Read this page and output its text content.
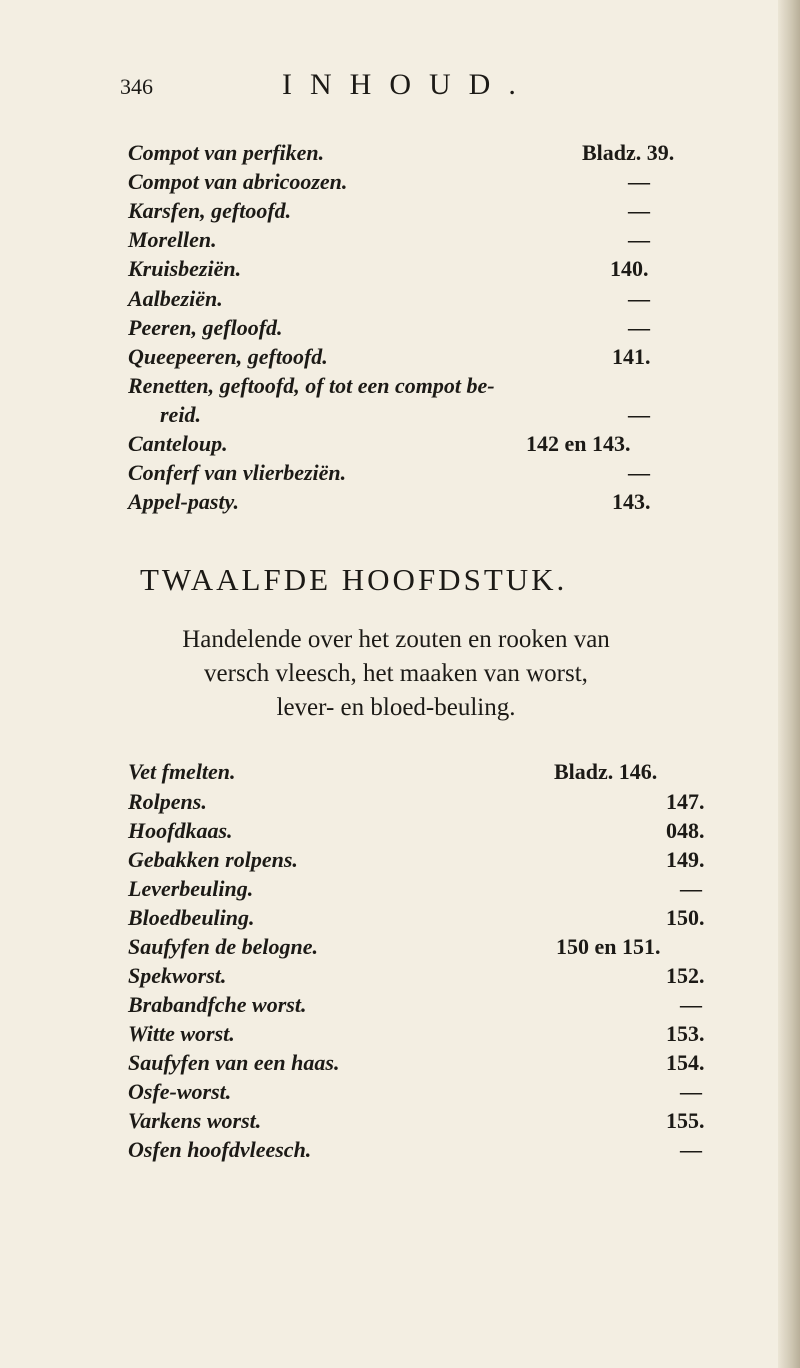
346	INHOUD.
Compot van perfiken.	Bladz. 39.
Compot van abricoozen.	—
Karsfen, geftoofd.	—
Morellen.	—
Kruisbeziën.	140.
Aalbeziën.	—
Peeren, gefloofd.	—
Queepeeren, geftoofd.	141.
Renetten, geftoofd, of tot een compot be-
reid.	—
Canteloup.	142 en 143.
Conferf van vlierbeziën.	—
Appel-pasty.	143.
TWAALFDE HOOFDSTUK.
Handelende over het zouten en rooken van
versch vleesch, het maaken van worst,
lever- en bloed-beuling.
Vet fmelten.	Bladz. 146.
Rolpens.	147.
Hoofdkaas.	048.
Gebakken rolpens.	149.
Leverbeuling.	—
Bloedbeuling.	150.
Saufyfen de belogne.	150 en 151.
Spekworst.	152.
Brabandfche worst.	—
Witte worst.	153.
Saufyfen van een haas.	154.
Osfe-worst.	—
Varkens worst.	155.
Osfen hoofdvleesch.	—
